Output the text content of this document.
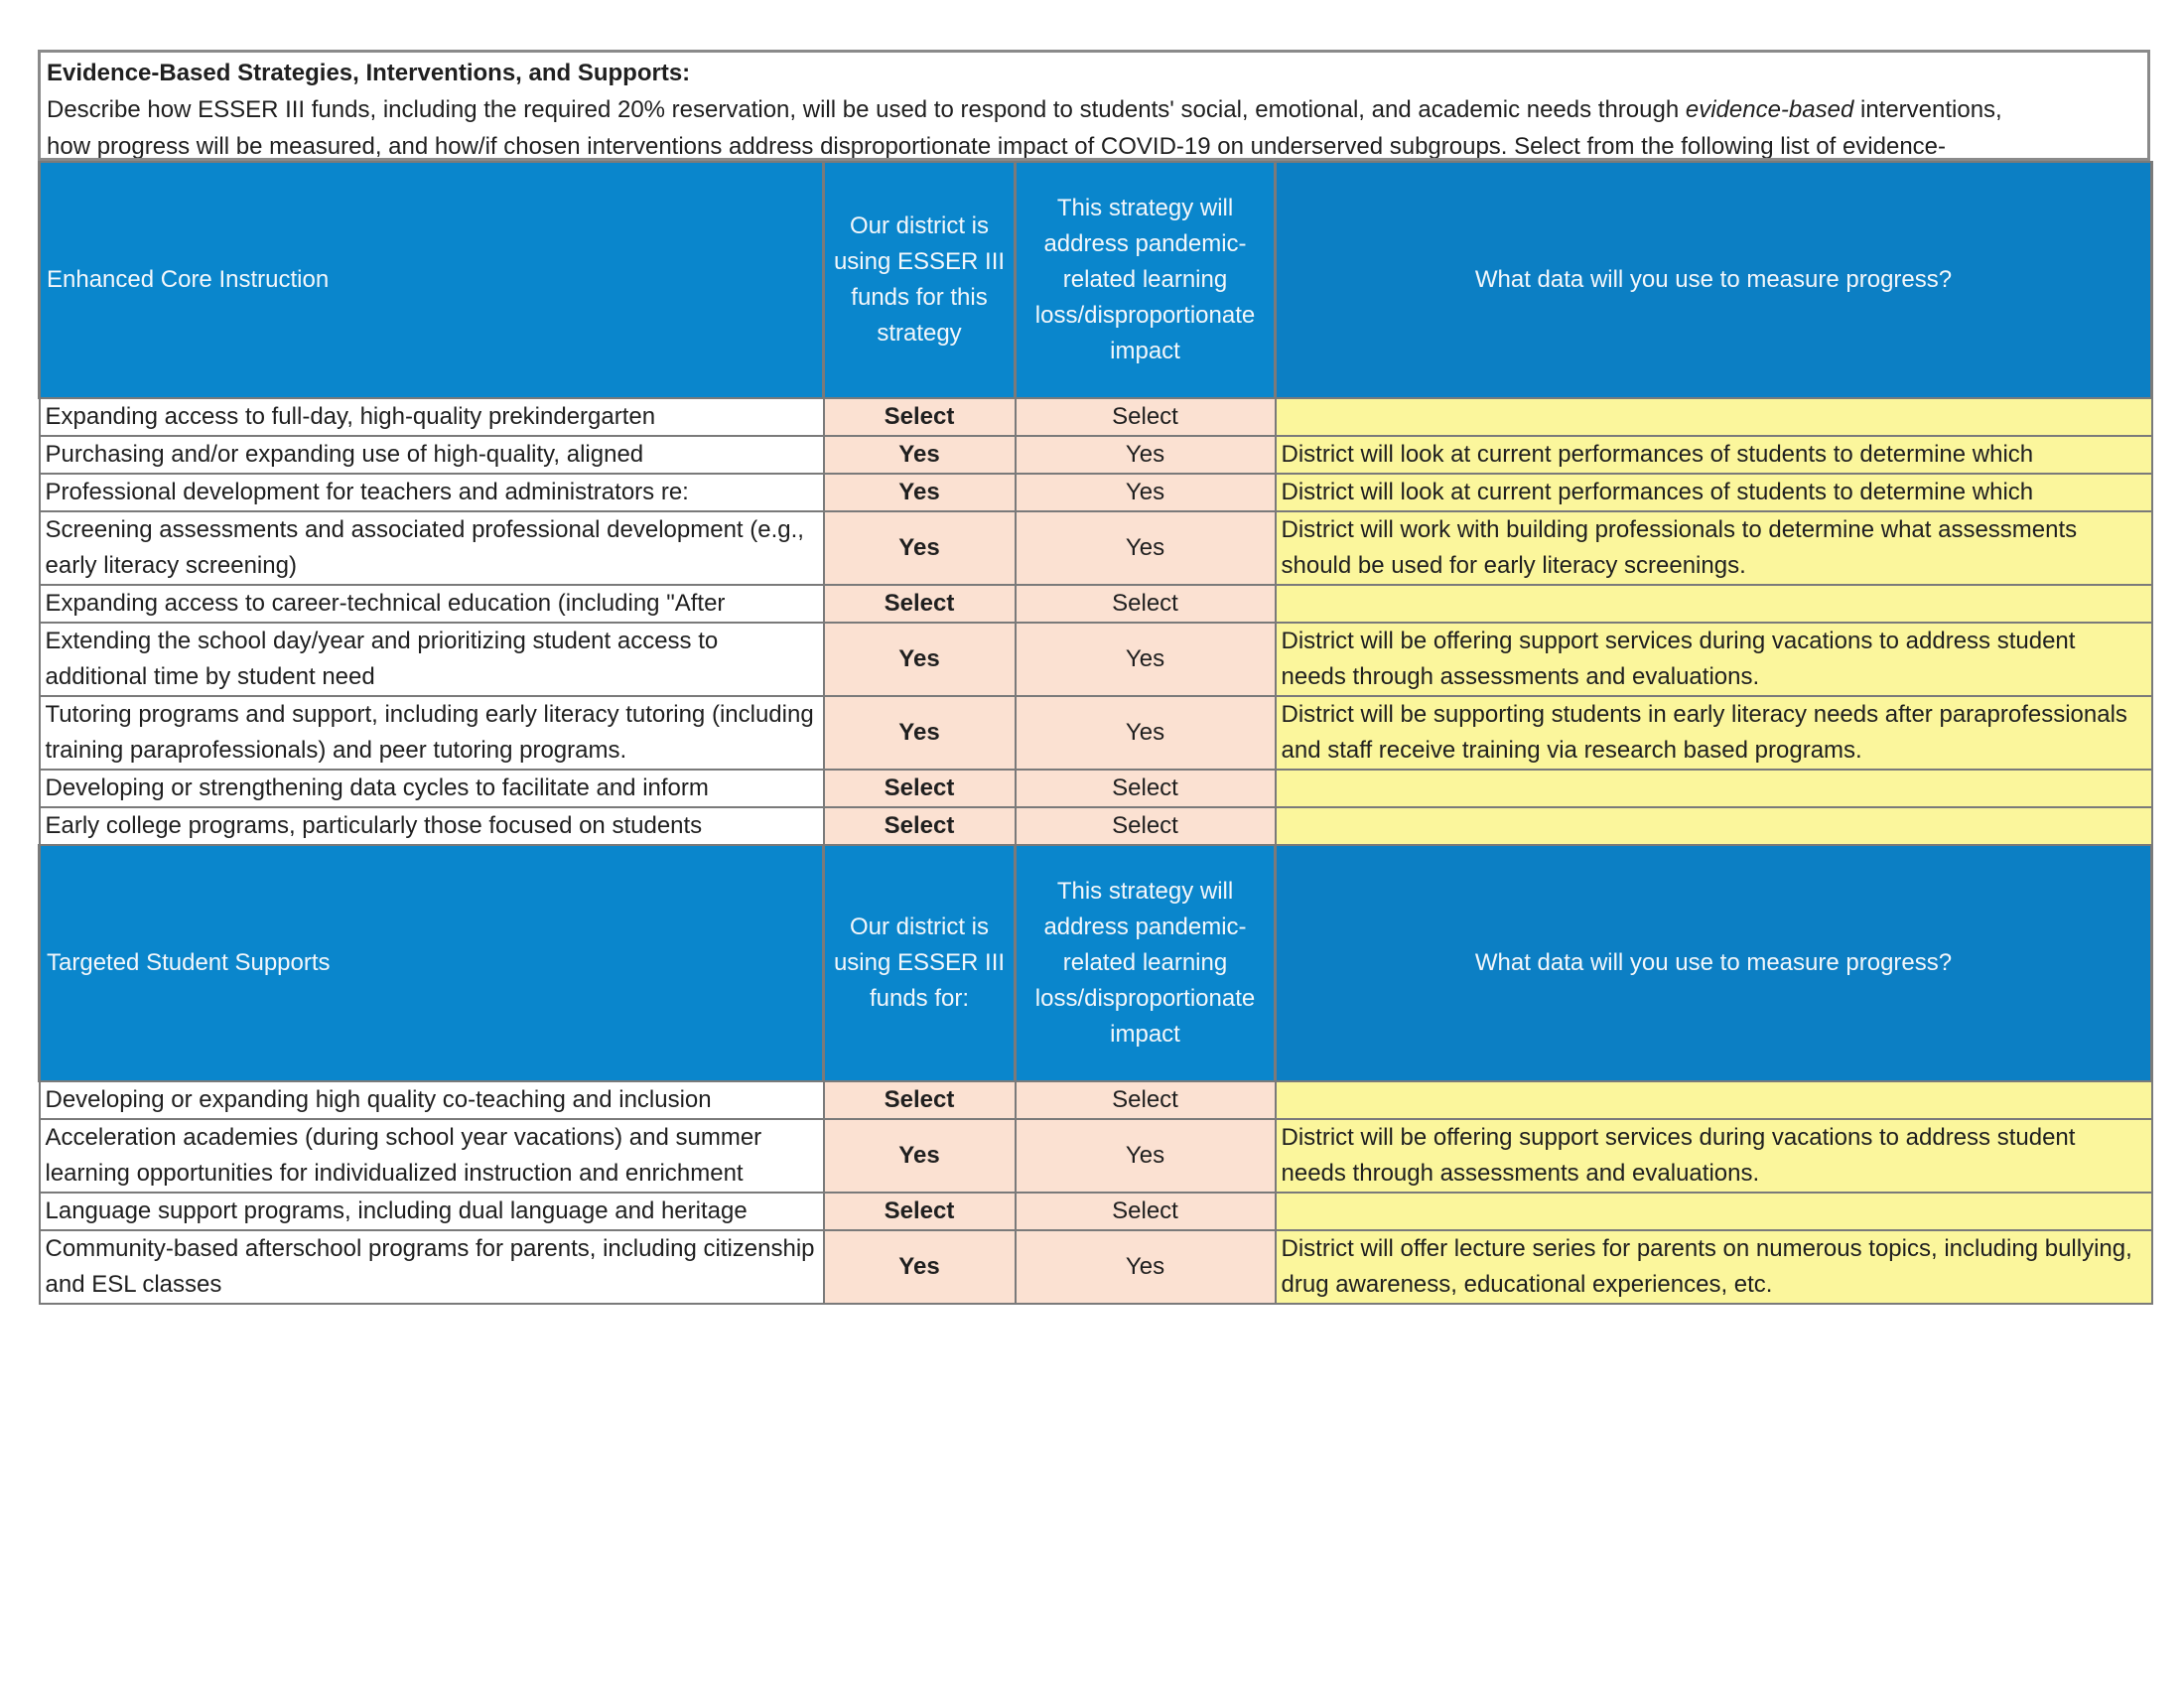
Evidence-Based Strategies, Interventions, and Supports:
Describe how ESSER III funds, including the required 20% reservation, will be used to respond to students' social, emotional, and academic needs through evidence-based interventions,
how progress will be measured, and how/if chosen interventions address disproportionate impact of COVID-19 on underserved subgroups. Select from the following list of evidence-
Enhanced Core Instruction	Our district is using ESSER III funds for this strategy	This strategy will address pandemic-related learning loss/disproportionate impact	What data will you use to measure progress?
Expanding access to full-day, high-quality prekindergarten	Select	Select	
Purchasing and/or expanding use of high-quality, aligned	Yes	Yes	District will look at current performances of students to determine which
Professional development for teachers and administrators re:	Yes	Yes	District will look at current performances of students to determine which
Screening assessments and associated professional development (e.g., early literacy screening)	Yes	Yes	District will work with building professionals to determine what assessments should be used for early literacy screenings.
Expanding access to career-technical education (including "After	Select	Select	
Extending the school day/year and prioritizing student access to additional time by student need	Yes	Yes	District will be offering support services during vacations to address student needs through assessments and evaluations.
Tutoring programs and support, including early literacy tutoring (including training paraprofessionals) and peer tutoring programs.	Yes	Yes	District will be supporting students in early literacy needs after paraprofessionals and staff receive training via research based programs.
Developing or strengthening data cycles to facilitate and inform	Select	Select	
Early college programs, particularly those focused on students	Select	Select	
Targeted Student Supports	Our district is using ESSER III funds for:	This strategy will address pandemic-related learning loss/disproportionate impact	What data will you use to measure progress?
Developing or expanding high quality co-teaching and inclusion	Select	Select	
Acceleration academies (during school year vacations) and summer learning opportunities for individualized instruction and enrichment	Yes	Yes	District will be offering support services during vacations to address student needs through assessments and evaluations.
Language support programs, including dual language and heritage	Select	Select	
Community-based afterschool programs for parents, including citizenship and ESL classes	Yes	Yes	District will offer lecture series for parents on numerous topics, including bullying, drug awareness, educational experiences, etc.
